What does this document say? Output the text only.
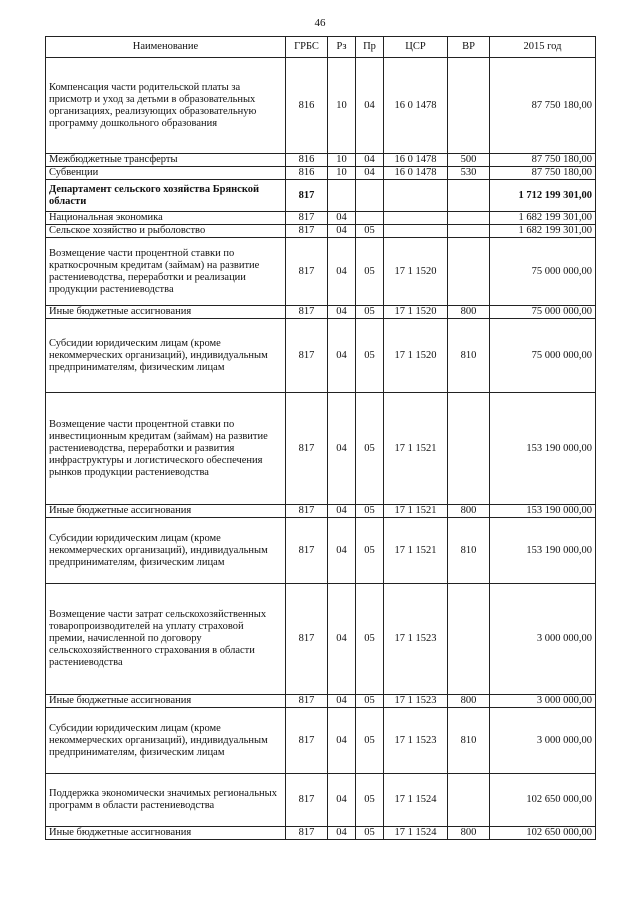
46
Наименование	ГРБС	Рз	Пр	ЦСР	ВР	2015 год
Компенсация части родительской платы за присмотр и уход за детьми в образовательных организациях, реализующих образовательную программу дошкольного образования	816	10	04	16 0 1478		87 750 180,00
Межбюджетные трансферты	816	10	04	16 0 1478	500	87 750 180,00
Субвенции	816	10	04	16 0 1478	530	87 750 180,00
Департамент сельского хозяйства Брянской области	817					1 712 199 301,00
Национальная экономика	817	04				1 682 199 301,00
Сельское хозяйство и рыболовство	817	04	05			1 682 199 301,00
Возмещение части процентной ставки по краткосрочным кредитам (займам) на развитие растениеводства, переработки и реализации продукции растениеводства	817	04	05	17 1 1520		75 000 000,00
Иные бюджетные ассигнования	817	04	05	17 1 1520	800	75 000 000,00
Субсидии юридическим лицам (кроме некоммерческих организаций), индивидуальным предпринимателям, физическим лицам	817	04	05	17 1 1520	810	75 000 000,00
Возмещение части процентной ставки по инвестиционным кредитам (займам) на развитие растениеводства, переработки и развития инфраструктуры и логистического обеспечения рынков продукции растениеводства	817	04	05	17 1 1521		153 190 000,00
Иные бюджетные ассигнования	817	04	05	17 1 1521	800	153 190 000,00
Субсидии юридическим лицам (кроме некоммерческих организаций), индивидуальным предпринимателям, физическим лицам	817	04	05	17 1 1521	810	153 190 000,00
Возмещение части затрат сельскохозяйственных товаропроизводителей на уплату страховой премии, начисленной по договору сельскохозяйственного страхования в области растениеводства	817	04	05	17 1 1523		3 000 000,00
Иные бюджетные ассигнования	817	04	05	17 1 1523	800	3 000 000,00
Субсидии юридическим лицам (кроме некоммерческих организаций), индивидуальным предпринимателям, физическим лицам	817	04	05	17 1 1523	810	3 000 000,00
Поддержка экономически значимых региональных программ в области растениеводства	817	04	05	17 1 1524		102 650 000,00
Иные бюджетные ассигнования	817	04	05	17 1 1524	800	102 650 000,00
